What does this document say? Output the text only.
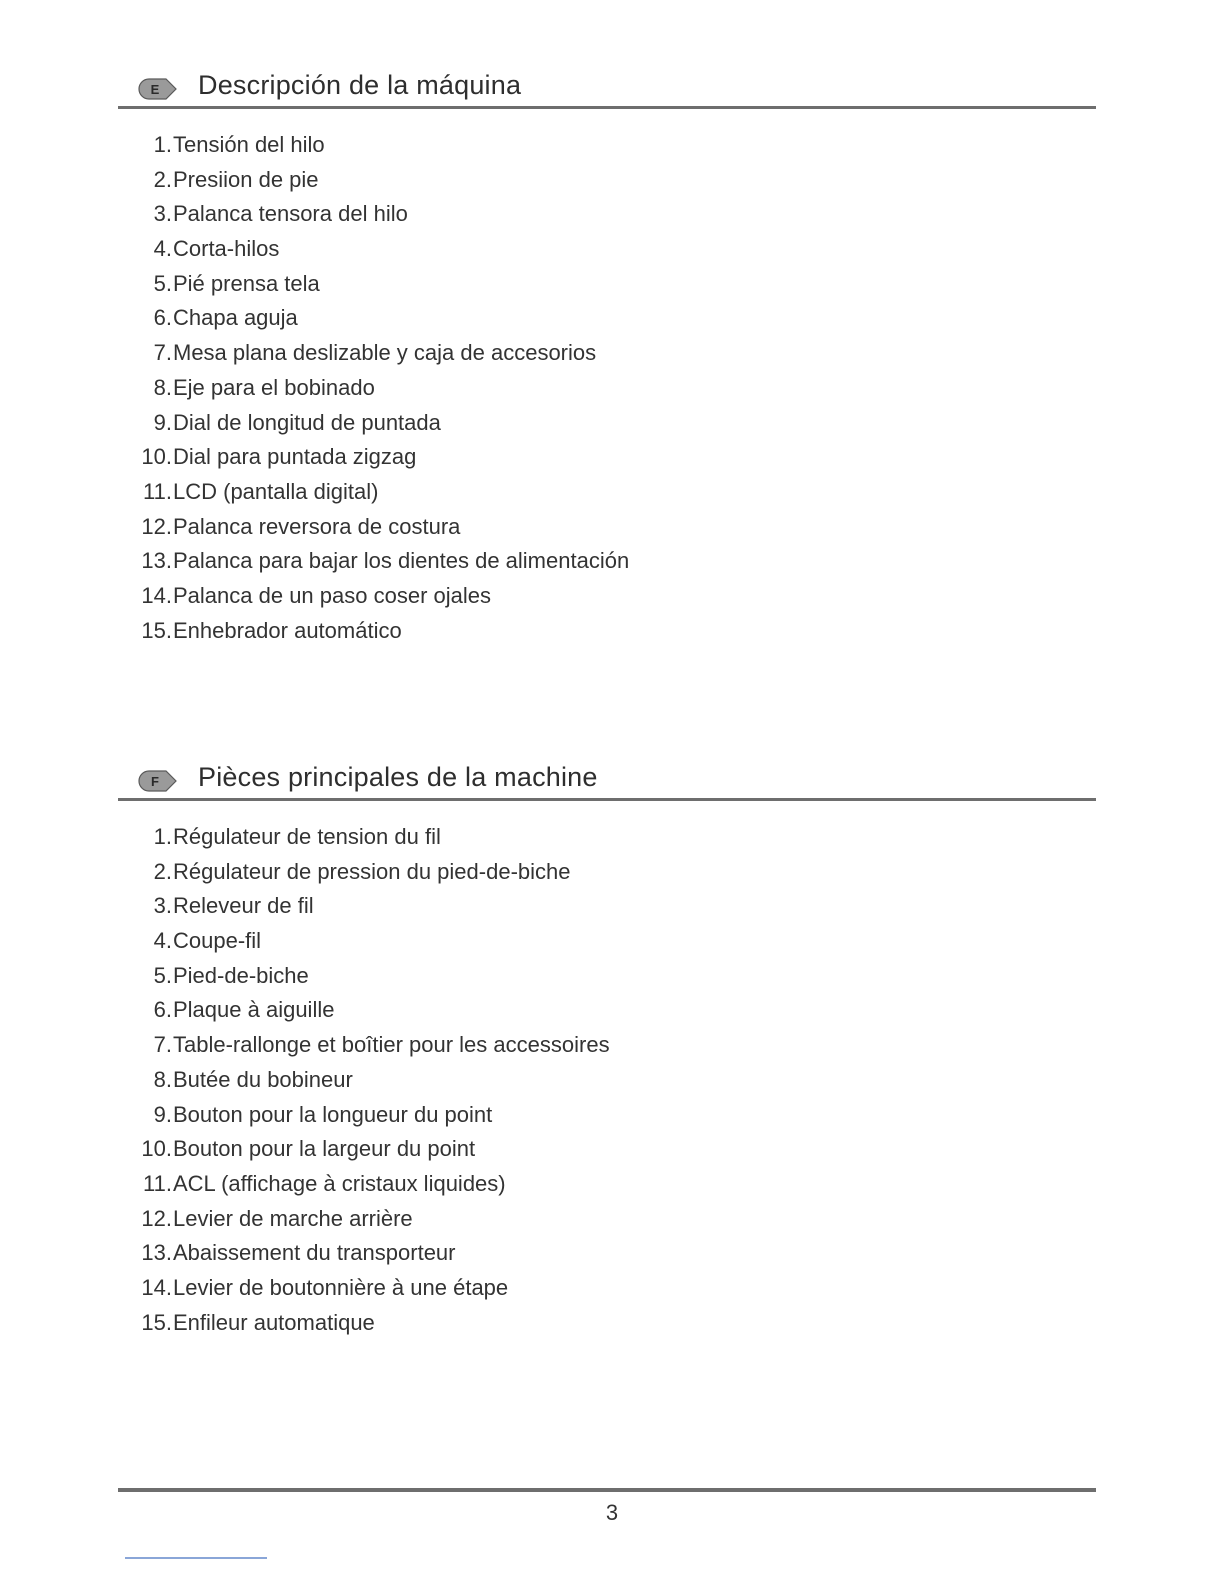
E Descripción de la máquina
1. Tensión del hilo
2. Presiion de pie
3. Palanca tensora del hilo
4. Corta-hilos
5. Pié prensa tela
6. Chapa aguja
7. Mesa plana deslizable y caja de accesorios
8. Eje para el bobinado
9. Dial de longitud de puntada
10. Dial para puntada zigzag
11. LCD (pantalla digital)
12. Palanca reversora de costura
13. Palanca para bajar los dientes de alimentación
14. Palanca de un paso coser ojales
15. Enhebrador automático
F Pièces principales de la machine
1. Régulateur de tension du fil
2. Régulateur de pression du pied-de-biche
3. Releveur de fil
4. Coupe-fil
5. Pied-de-biche
6. Plaque à aiguille
7. Table-rallonge et boîtier pour les accessoires
8. Butée du bobineur
9. Bouton pour la longueur du point
10. Bouton pour la largeur du point
11. ACL (affichage à cristaux liquides)
12. Levier de marche arrière
13. Abaissement du transporteur
14. Levier de boutonnière à une étape
15. Enfileur automatique
3
